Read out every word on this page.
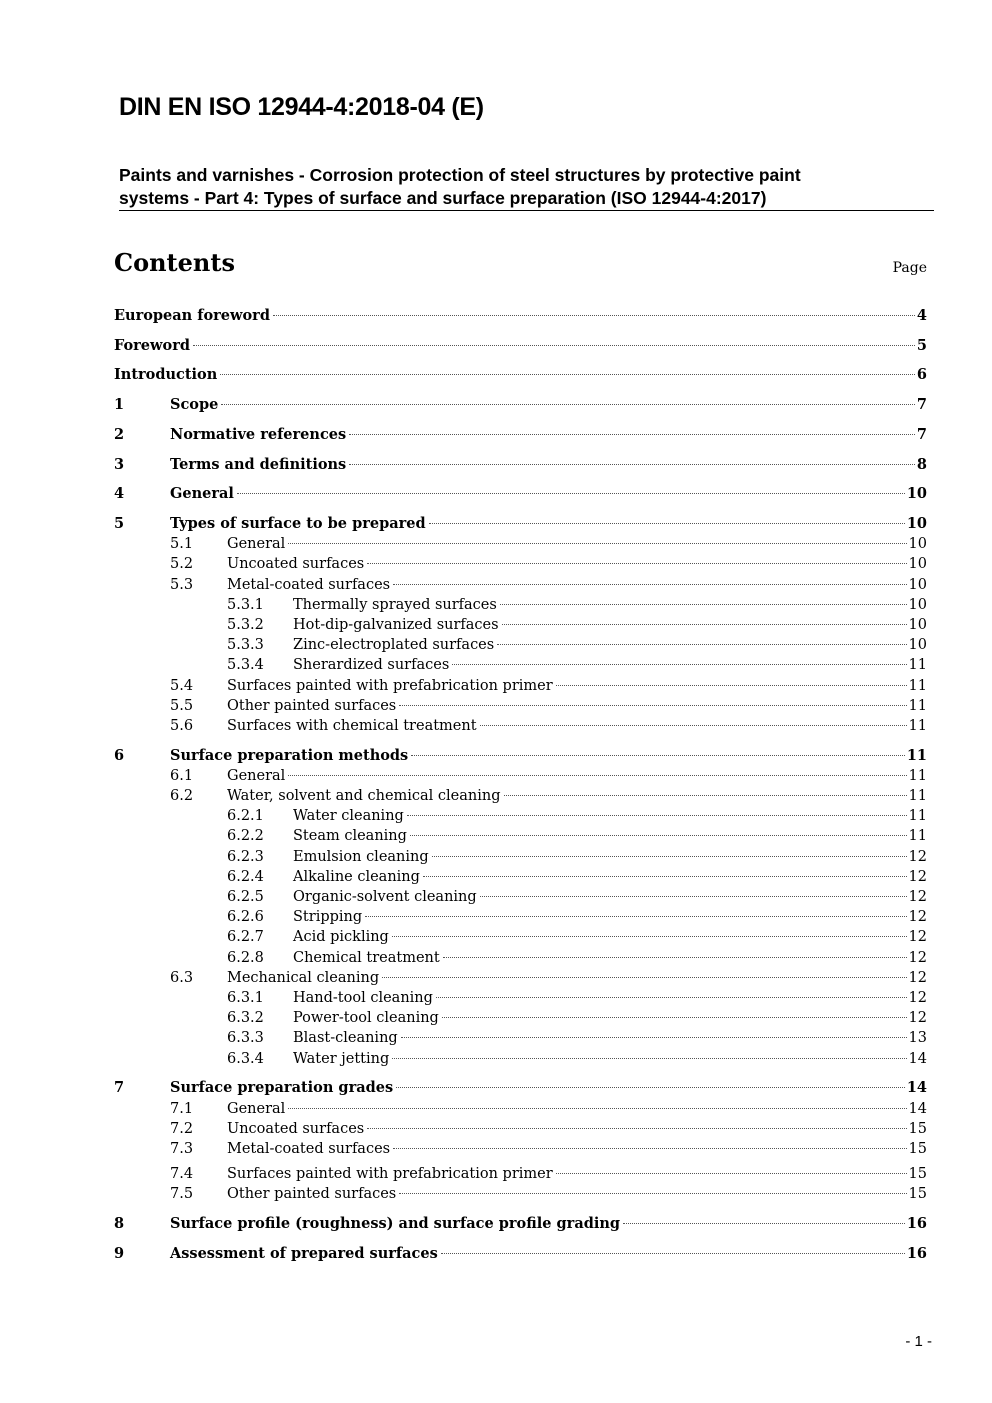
DIN EN ISO 12944-4:2018-04 (E)
Paints and varnishes - Corrosion protection of steel structures by protective paint
systems - Part 4: Types of surface and surface preparation (ISO 12944-4:2017)
Contents	Page
European foreword	4
Foreword	5
Introduction	6
1	Scope	7
2	Normative references	7
3	Terms and definitions	8
4	General	10
5	Types of surface to be prepared	10
5.1 General	10
5.2 Uncoated surfaces	10
5.3 Metal-coated surfaces	10
5.3.1 Thermally sprayed surfaces	10
5.3.2 Hot-dip-galvanized surfaces	10
5.3.3 Zinc-electroplated surfaces	10
5.3.4 Sherardized surfaces	11
5.4 Surfaces painted with prefabrication primer	11
5.5 Other painted surfaces	11
5.6 Surfaces with chemical treatment	11
6	Surface preparation methods	11
6.1 General	11
6.2 Water, solvent and chemical cleaning	11
6.2.1 Water cleaning	11
6.2.2 Steam cleaning	11
6.2.3 Emulsion cleaning	12
6.2.4 Alkaline cleaning	12
6.2.5 Organic-solvent cleaning	12
6.2.6 Stripping	12
6.2.7 Acid pickling	12
6.2.8 Chemical treatment	12
6.3 Mechanical cleaning	12
6.3.1 Hand-tool cleaning	12
6.3.2 Power-tool cleaning	12
6.3.3 Blast-cleaning	13
6.3.4 Water jetting	14
7	Surface preparation grades	14
7.1 General	14
7.2 Uncoated surfaces	15
7.3 Metal-coated surfaces	15
7.4 Surfaces painted with prefabrication primer	15
7.5 Other painted surfaces	15
8	Surface profile (roughness) and surface profile grading	16
9	Assessment of prepared surfaces	16
- 1 -
